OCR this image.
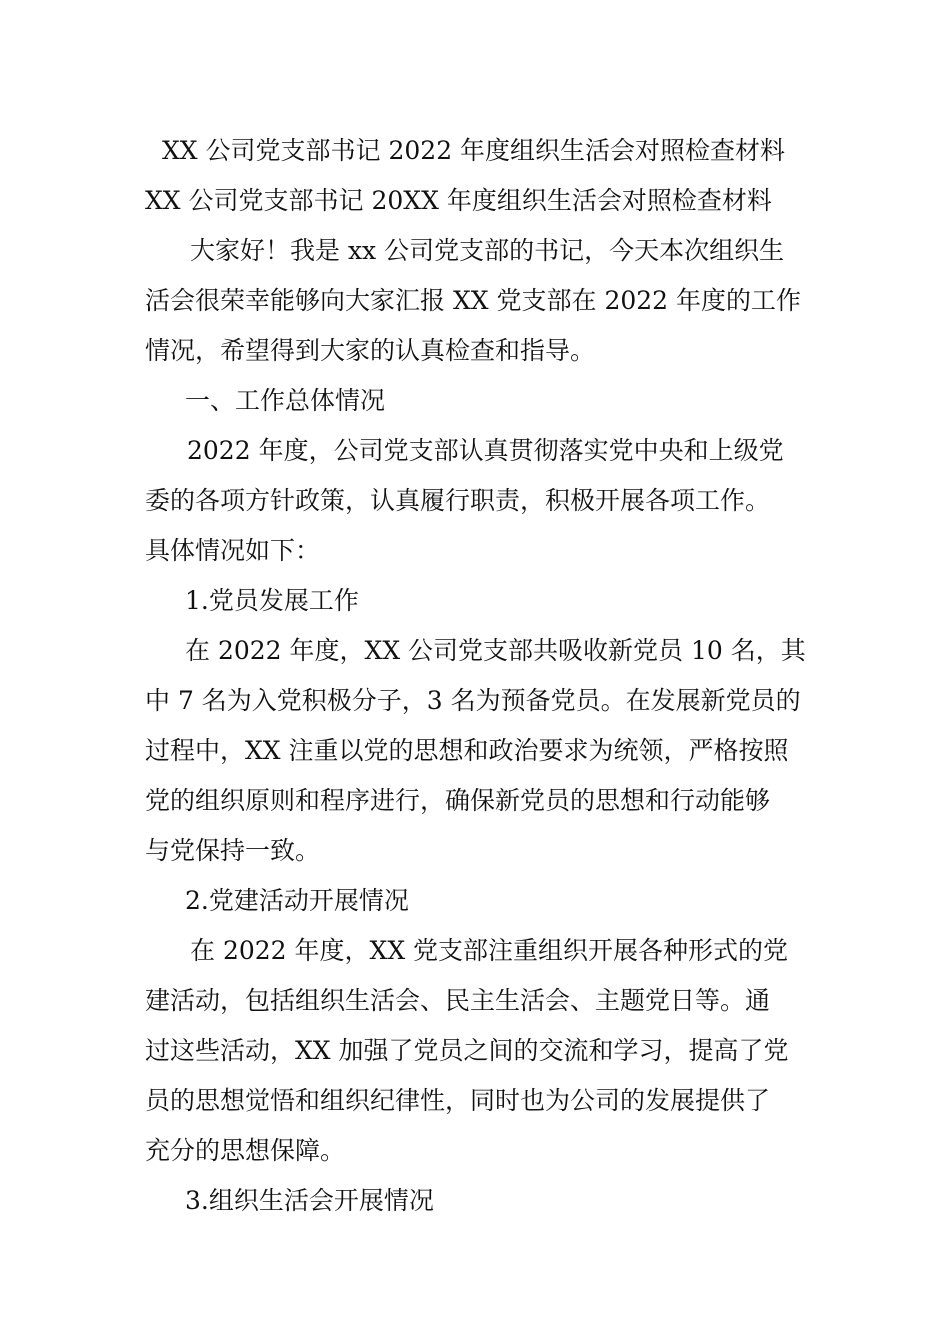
XX 公司党支部书记 2022 年度组织生活会对照检查材料
XX 公司党支部书记 20XX 年度组织生活会对照检查材料
大家好！我是 xx 公司党支部的书记，今天本次组织生
活会很荣幸能够向大家汇报 XX 党支部在 2022 年度的工作
情况，希望得到大家的认真检查和指导。
一、工作总体情况
2022 年度，公司党支部认真贯彻落实党中央和上级党
委的各项方针政策，认真履行职责，积极开展各项工作。
具体情况如下：
1.党员发展工作
在 2022 年度，XX 公司党支部共吸收新党员 10 名，其
中 7 名为入党积极分子，3 名为预备党员。在发展新党员的
过程中，XX 注重以党的思想和政治要求为统领，严格按照
党的组织原则和程序进行，确保新党员的思想和行动能够
与党保持一致。
2.党建活动开展情况
在 2022 年度，XX 党支部注重组织开展各种形式的党
建活动，包括组织生活会、民主生活会、主题党日等。通
过这些活动，XX 加强了党员之间的交流和学习，提高了党
员的思想觉悟和组织纪律性，同时也为公司的发展提供了
充分的思想保障。
3.组织生活会开展情况
